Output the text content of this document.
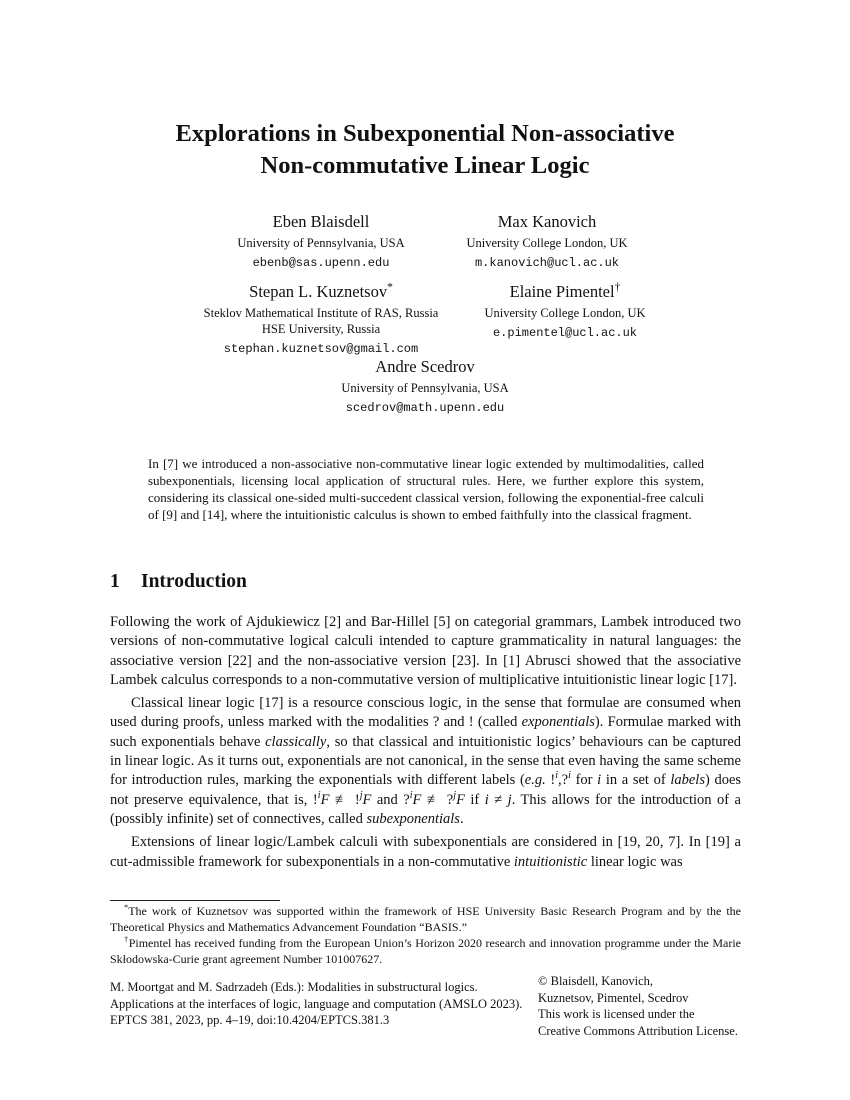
Explorations in Subexponential Non-associative
Non-commutative Linear Logic
Eben Blaisdell
University of Pennsylvania, USA
ebenb@sas.upenn.edu
Max Kanovich
University College London, UK
m.kanovich@ucl.ac.uk
Stepan L. Kuznetsov*
Steklov Mathematical Institute of RAS, Russia
HSE University, Russia
stephan.kuznetsov@gmail.com
Elaine Pimentel†
University College London, UK
e.pimentel@ucl.ac.uk
Andre Scedrov
University of Pennsylvania, USA
scedrov@math.upenn.edu
In [7] we introduced a non-associative non-commutative linear logic extended by multimodalities, called subexponentials, licensing local application of structural rules. Here, we further explore this system, considering its classical one-sided multi-succedent classical version, following the exponential-free calculi of [9] and [14], where the intuitionistic calculus is shown to embed faithfully into the classical fragment.
1 Introduction

Following the work of Ajdukiewicz [2] and Bar-Hillel [5] on categorial grammars, Lambek introduced two versions of non-commutative logical calculi intended to capture grammaticality in natural languages: the associative version [22] and the non-associative version [23]. In [1] Abrusci showed that the associative Lambek calculus corresponds to a non-commutative version of multiplicative intuitionistic linear logic [17].

Classical linear logic [17] is a resource conscious logic, in the sense that formulae are consumed when used during proofs, unless marked with the modalities ? and ! (called exponentials). Formulae marked with such exponentials behave classically, so that classical and intuitionistic logics’ behaviours can be captured in linear logic. As it turns out, exponentials are not canonical, in the sense that even having the same scheme for introduction rules, marking the exponentials with different labels (e.g. !$^i$,?$^i$ for i in a set of labels) does not preserve equivalence, that is, !$^i$F ≢ !$^j$F and ?$^i$F ≢ ?$^j$F if i ≠ j. This allows for the introduction of a (possibly infinite) set of connectives, called subexponentials.

Extensions of linear logic/Lambek calculi with subexponentials are considered in [19, 20, 7]. In [19] a cut-admissible framework for subexponentials in a non-commutative intuitionistic linear logic was

*The work of Kuznetsov was supported within the framework of HSE University Basic Research Program and by the the Theoretical Physics and Mathematics Advancement Foundation “BASIS.”

†Pimentel has received funding from the European Union’s Horizon 2020 research and innovation programme under the Marie Skłodowska-Curie grant agreement Number 101007627.

M. Moortgat and M. Sadrzadeh (Eds.): Modalities in substructural logics.
Applications at the interfaces of logic, language and computation (AMSLO 2023).
EPTCS 381, 2023, pp. 4–19, doi:10.4204/EPTCS.381.3
© Blaisdell, Kanovich,
Kuznetsov, Pimentel, Scedrov
This work is licensed under the
Creative Commons Attribution License.
